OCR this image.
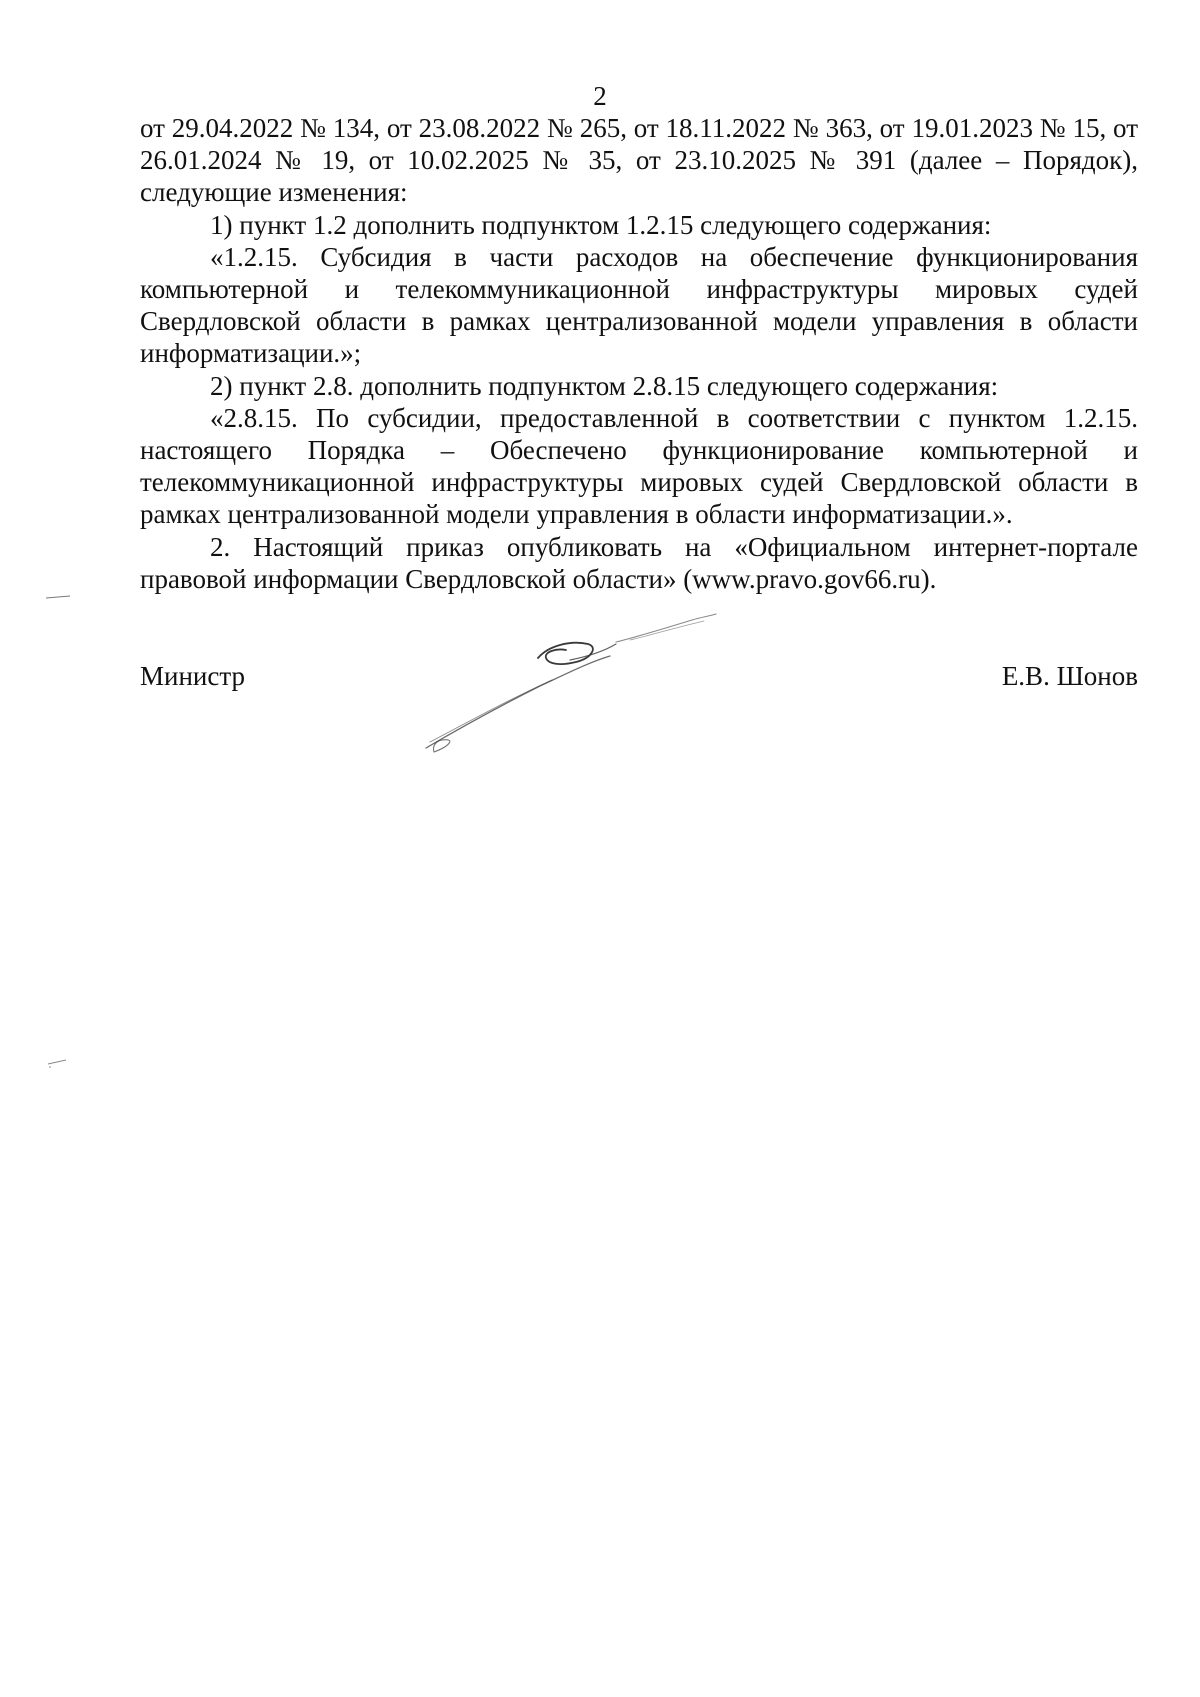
2

от 29.04.2022 № 134, от 23.08.2022 № 265, от 18.11.2022 № 363, от 19.01.2023 № 15, от 26.01.2024 № 19, от 10.02.2025 № 35, от 23.10.2025 № 391 (далее – Порядок), следующие изменения:

1) пункт 1.2 дополнить подпунктом 1.2.15 следующего содержания:

«1.2.15. Субсидия в части расходов на обеспечение функционирования компьютерной и телекоммуникационной инфраструктуры мировых судей Свердловской области в рамках централизованной модели управления в области информатизации.»;

2) пункт 2.8. дополнить подпунктом 2.8.15 следующего содержания:

«2.8.15. По субсидии, предоставленной в соответствии с пунктом 1.2.15. настоящего Порядка – Обеспечено функционирование компьютерной и телекоммуникационной инфраструктуры мировых судей Свердловской области в рамках централизованной модели управления в области информатизации.».

2. Настоящий приказ опубликовать на «Официальном интернет-портале правовой информации Свердловской области» (www.pravo.gov66.ru).

Министр	Е.В. Шонов
